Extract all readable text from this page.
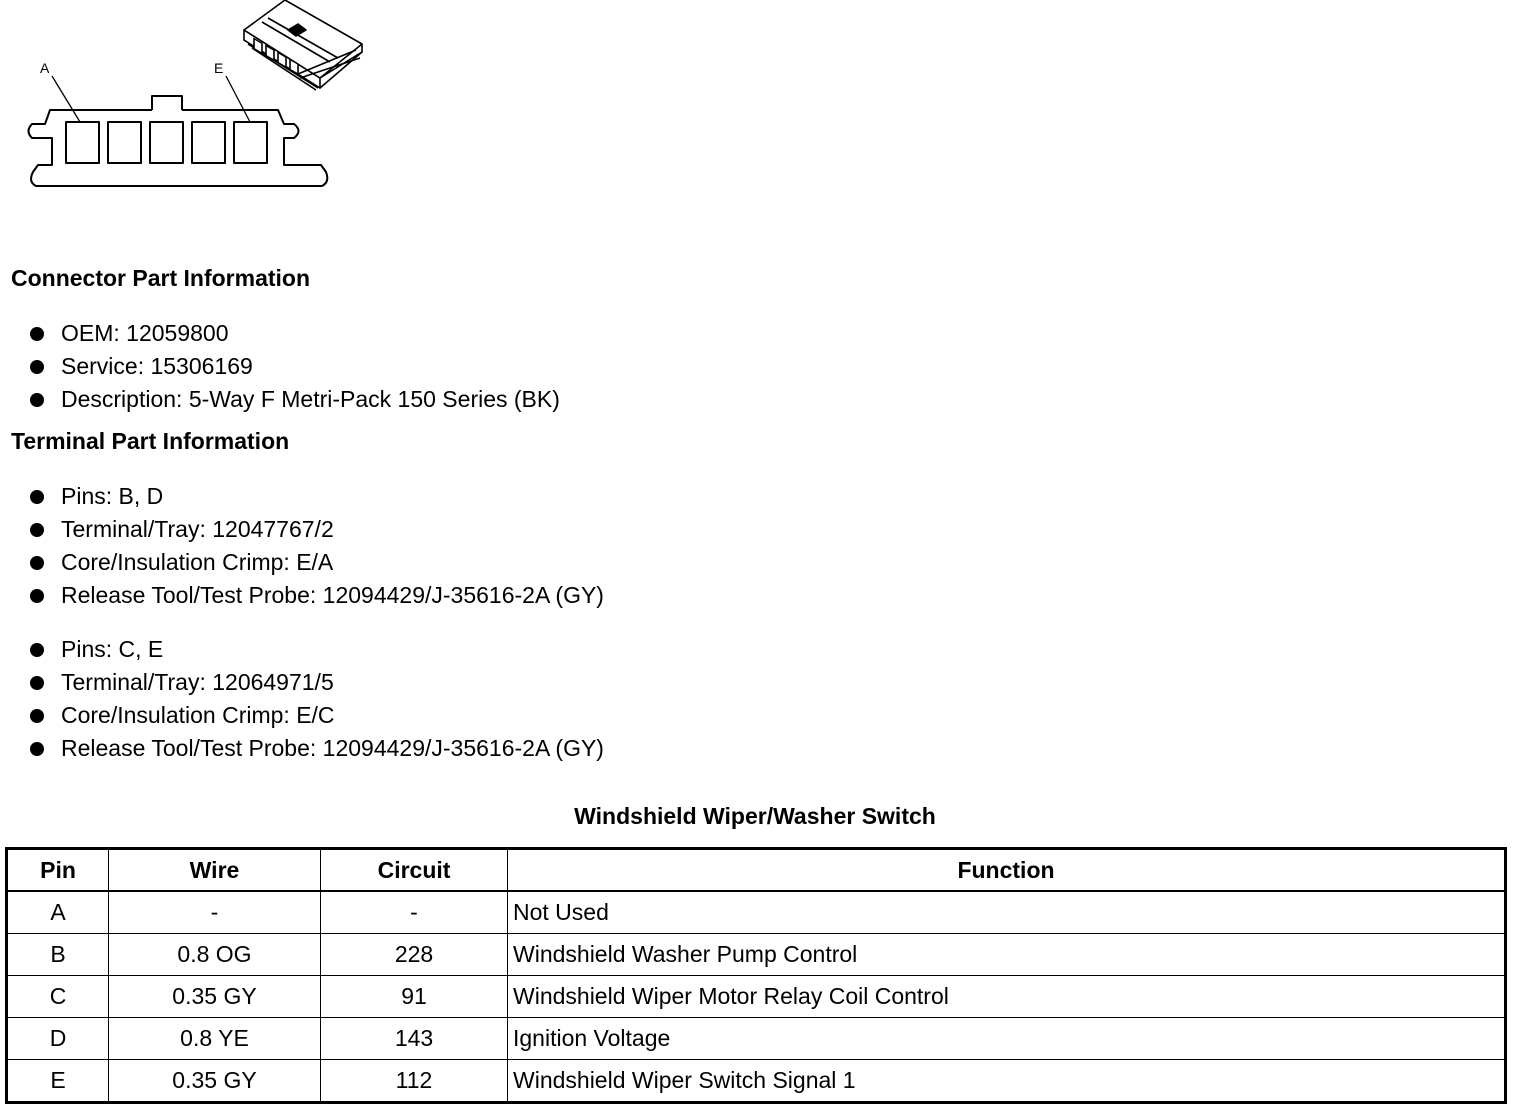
A	E
Connector Part Information
OEM: 12059800
Service: 15306169
Description: 5-Way F Metri-Pack 150 Series (BK)
Terminal Part Information
Pins: B, D
Terminal/Tray: 12047767/2
Core/Insulation Crimp: E/A
Release Tool/Test Probe: 12094429/J-35616-2A (GY)
Pins: C, E
Terminal/Tray: 12064971/5
Core/Insulation Crimp: E/C
Release Tool/Test Probe: 12094429/J-35616-2A (GY)
Windshield Wiper/Washer Switch
Pin	Wire	Circuit	Function
A	-	-	Not Used
B	0.8 OG	228	Windshield Washer Pump Control
C	0.35 GY	91	Windshield Wiper Motor Relay Coil Control
D	0.8 YE	143	Ignition Voltage
E	0.35 GY	112	Windshield Wiper Switch Signal 1
